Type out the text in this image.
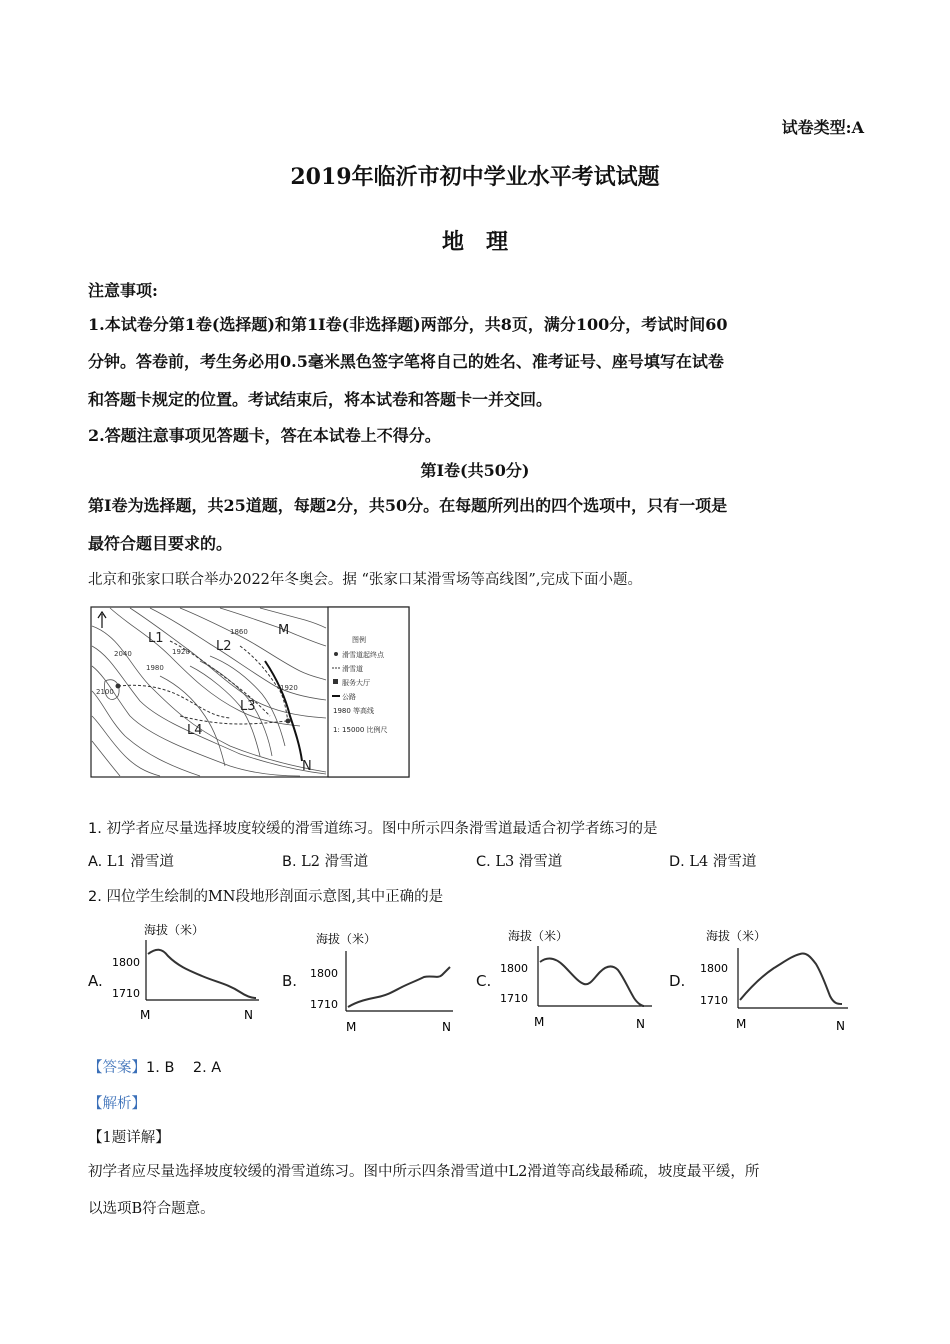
试卷类型:A
2019年临沂市初中学业水平考试试题
地　理
注意事项:
1.本试卷分第1卷(选择题)和第1I卷(非选择题)两部分，共8页，满分100分，考试时间60
分钟。答卷前，考生务必用0.5毫米黑色签字笔将自己的姓名、准考证号、座号填写在试卷
和答题卡规定的位置。考试结束后，将本试卷和答题卡一并交回。
2.答题注意事项见答题卡，答在本试卷上不得分。
第Ⅰ卷(共50分)
第Ⅰ卷为选择题，共25道题，每题2分，共50分。在每题所列出的四个选项中，只有一项是
最符合题目要求的。
北京和张家口联合举办2022年冬奥会。据 “张家口某滑雪场等高线图”,完成下面小题。
L1
L2
L3
L4
M
N
1860
1920
1980
2040
2100	1920
图例
滑雪道起终点
滑雪道
服务大厅
公路
1980 等高线
1: 15000 比例尺
1. 初学者应尽量选择坡度较缓的滑雪道练习。图中所示四条滑雪道最适合初学者练习的是
A. L1 滑雪道	B. L2 滑雪道	C. L3 滑雪道	D. L4 滑雪道
2. 四位学生绘制的MN段地形剖面示意图,其中正确的是
A.
海拔（米）
1800
1710
M	N
B.
海拔（米）
1800
1710
M	N
C.
海拔（米）
1800
1710
M	N
D.
海拔（米）
1800
1710
M	N
【答案】1. B 2. A
【解析】
【1题详解】
初学者应尽量选择坡度较缓的滑雪道练习。图中所示四条滑雪道中L2滑道等高线最稀疏，坡度最平缓，所
以选项B符合题意。
